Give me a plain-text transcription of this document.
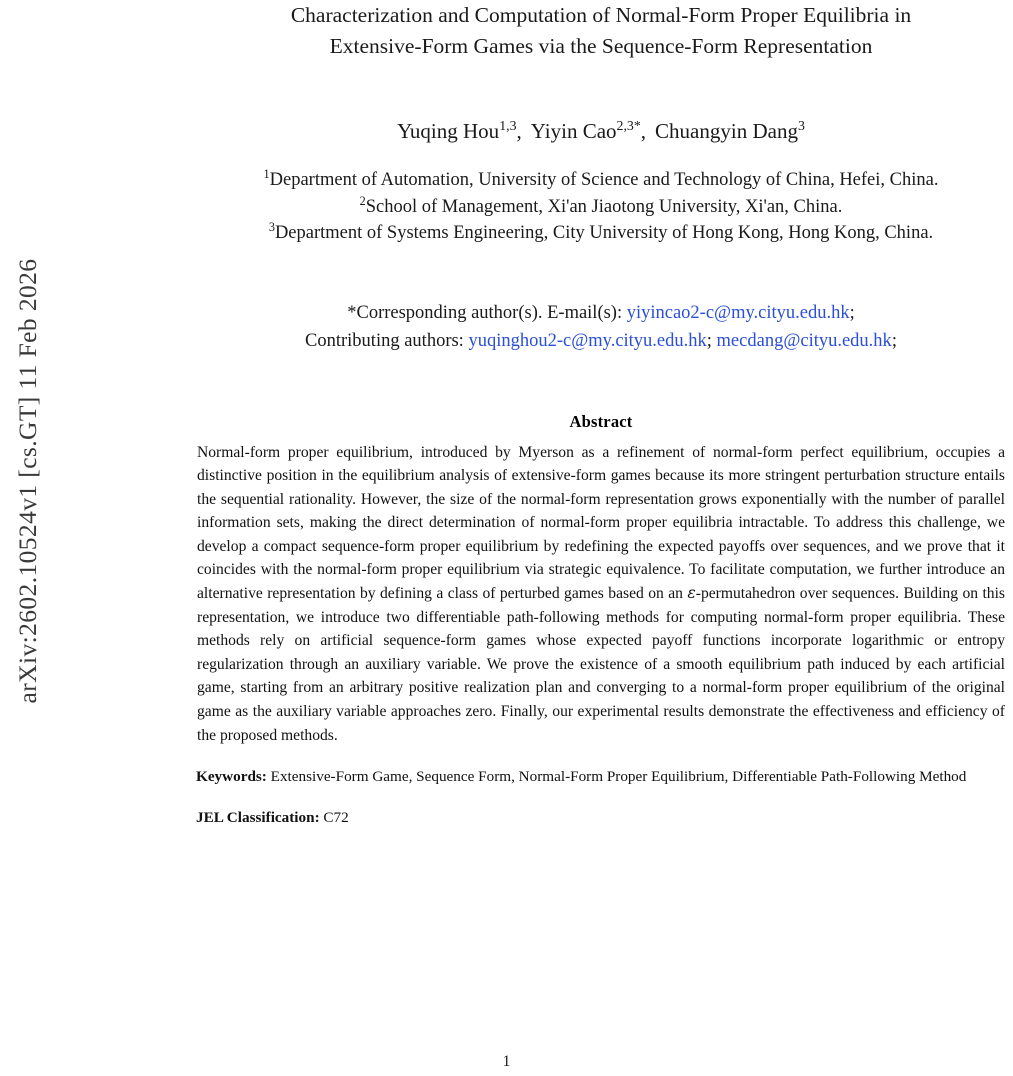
arXiv:2602.10524v1 [cs.GT] 11 Feb 2026
Characterization and Computation of Normal-Form Proper Equilibria in
Extensive-Form Games via the Sequence-Form Representation
Yuqing Hou$^{1,3}$, Yiyin Cao$^{2,3*}$, Chuangyin Dang$^3$
$^1$Department of Automation, University of Science and Technology of China, Hefei, China.
$^2$School of Management, Xi'an Jiaotong University, Xi'an, China.
$^3$Department of Systems Engineering, City University of Hong Kong, Hong Kong, China.
*Corresponding author(s). E-mail(s): yiyincao2-c@my.cityu.edu.hk;
Contributing authors: yuqinghou2-c@my.cityu.edu.hk; mecdang@cityu.edu.hk;
Abstract
Normal-form proper equilibrium, introduced by Myerson as a refinement of normal-form perfect equilibrium, occupies a distinctive position in the equilibrium analysis of extensive-form games because its more stringent perturbation structure entails the sequential rationality. However, the size of the normal-form representation grows exponentially with the number of parallel information sets, making the direct determination of normal-form proper equilibria intractable. To address this challenge, we develop a compact sequence-form proper equilibrium by redefining the expected payoffs over sequences, and we prove that it coincides with the normal-form proper equilibrium via strategic equivalence. To facilitate computation, we further introduce an alternative representation by defining a class of perturbed games based on an ε-permutahedron over sequences. Building on this representation, we introduce two differentiable path-following methods for computing normal-form proper equilibria. These methods rely on artificial sequence-form games whose expected payoff functions incorporate logarithmic or entropy regularization through an auxiliary variable. We prove the existence of a smooth equilibrium path induced by each artificial game, starting from an arbitrary positive realization plan and converging to a normal-form proper equilibrium of the original game as the auxiliary variable approaches zero. Finally, our experimental results demonstrate the effectiveness and efficiency of the proposed methods.
Keywords: Extensive-Form Game, Sequence Form, Normal-Form Proper Equilibrium, Differentiable Path-Following Method
JEL Classification: C72
1
